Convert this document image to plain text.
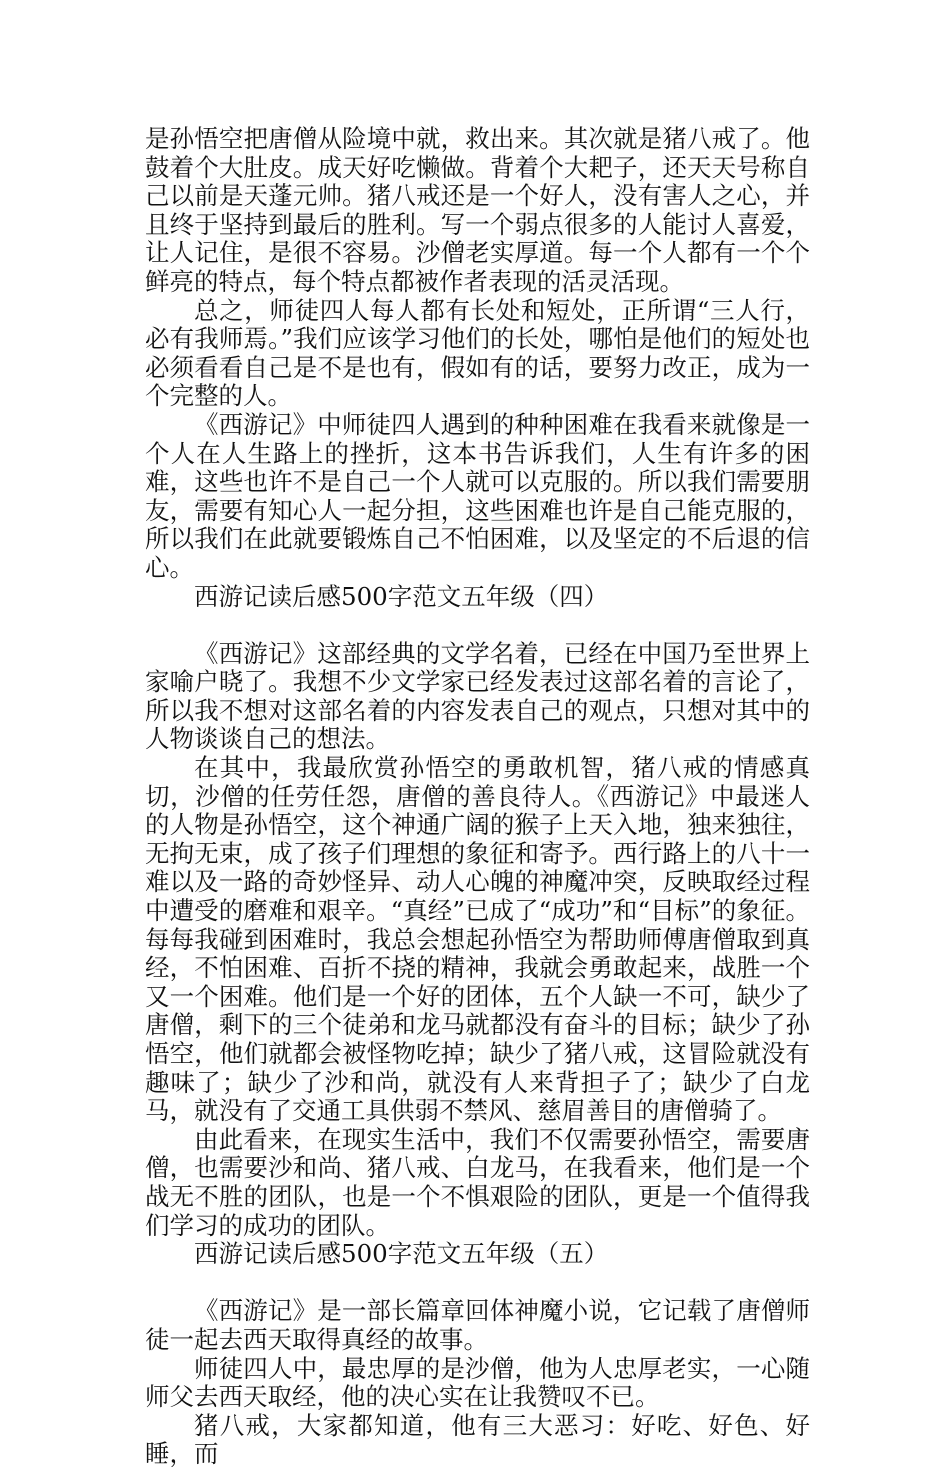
是孙悟空把唐僧从险境中就，救出来。其次就是猪八戒了。他鼓着个大肚皮。成天好吃懒做。背着个大耙子，还天天号称自己以前是天蓬元帅。猪八戒还是一个好人，没有害人之心，并且终于坚持到最后的胜利。写一个弱点很多的人能讨人喜爱，让人记住，是很不容易。沙僧老实厚道。每一个人都有一个个鲜亮的特点，每个特点都被作者表现的活灵活现。

总之，师徒四人每人都有长处和短处，正所谓“三人行，必有我师焉。”我们应该学习他们的长处，哪怕是他们的短处也必须看看自己是不是也有，假如有的话，要努力改正，成为一个完整的人。

《西游记》中师徒四人遇到的种种困难在我看来就像是一个人在人生路上的挫折，这本书告诉我们，人生有许多的困难，这些也许不是自己一个人就可以克服的。所以我们需要朋友，需要有知心人一起分担，这些困难也许是自己能克服的，所以我们在此就要锻炼自己不怕困难，以及坚定的不后退的信心。

西游记读后感500字范文五年级（四）

《西游记》这部经典的文学名着，已经在中国乃至世界上家喻户晓了。我想不少文学家已经发表过这部名着的言论了，所以我不想对这部名着的内容发表自己的观点，只想对其中的人物谈谈自己的想法。

在其中，我最欣赏孙悟空的勇敢机智，猪八戒的情感真切，沙僧的任劳任怨，唐僧的善良待人。《西游记》中最迷人的人物是孙悟空，这个神通广阔的猴子上天入地，独来独往，无拘无束，成了孩子们理想的象征和寄予。西行路上的八十一难以及一路的奇妙怪异、动人心魄的神魔冲突，反映取经过程中遭受的磨难和艰辛。“真经”已成了“成功”和“目标”的象征。每每我碰到困难时，我总会想起孙悟空为帮助师傅唐僧取到真经，不怕困难、百折不挠的精神，我就会勇敢起来，战胜一个又一个困难。他们是一个好的团体，五个人缺一不可，缺少了唐僧，剩下的三个徒弟和龙马就都没有奋斗的目标；缺少了孙悟空，他们就都会被怪物吃掉；缺少了猪八戒，这冒险就没有趣味了；缺少了沙和尚，就没有人来背担子了；缺少了白龙马，就没有了交通工具供弱不禁风、慈眉善目的唐僧骑了。

由此看来，在现实生活中，我们不仅需要孙悟空，需要唐僧，也需要沙和尚、猪八戒、白龙马，在我看来，他们是一个战无不胜的团队，也是一个不惧艰险的团队，更是一个值得我们学习的成功的团队。

西游记读后感500字范文五年级（五）

《西游记》是一部长篇章回体神魔小说，它记载了唐僧师徒一起去西天取得真经的故事。

师徒四人中，最忠厚的是沙僧，他为人忠厚老实，一心随师父去西天取经，他的决心实在让我赞叹不已。

猪八戒，大家都知道，他有三大恶习：好吃、好色、好睡，而
